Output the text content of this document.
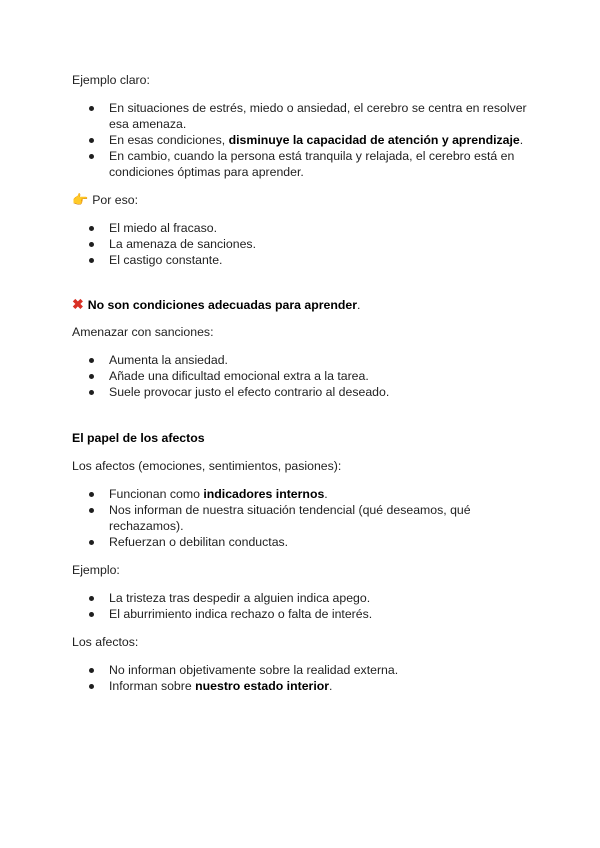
Ejemplo claro:

En situaciones de estrés, miedo o ansiedad, el cerebro se centra en resolver esa amenaza.
En esas condiciones, disminuye la capacidad de atención y aprendizaje.
En cambio, cuando la persona está tranquila y relajada, el cerebro está en condiciones óptimas para aprender.

👉 Por eso:

El miedo al fracaso.
La amenaza de sanciones.
El castigo constante.

✖ No son condiciones adecuadas para aprender.

Amenazar con sanciones:

Aumenta la ansiedad.
Añade una dificultad emocional extra a la tarea.
Suele provocar justo el efecto contrario al deseado.
El papel de los afectos

Los afectos (emociones, sentimientos, pasiones):

Funcionan como indicadores internos.
Nos informan de nuestra situación tendencial (qué deseamos, qué rechazamos).
Refuerzan o debilitan conductas.

Ejemplo:

La tristeza tras despedir a alguien indica apego.
El aburrimiento indica rechazo o falta de interés.

Los afectos:

No informan objetivamente sobre la realidad externa.
Informan sobre nuestro estado interior.
